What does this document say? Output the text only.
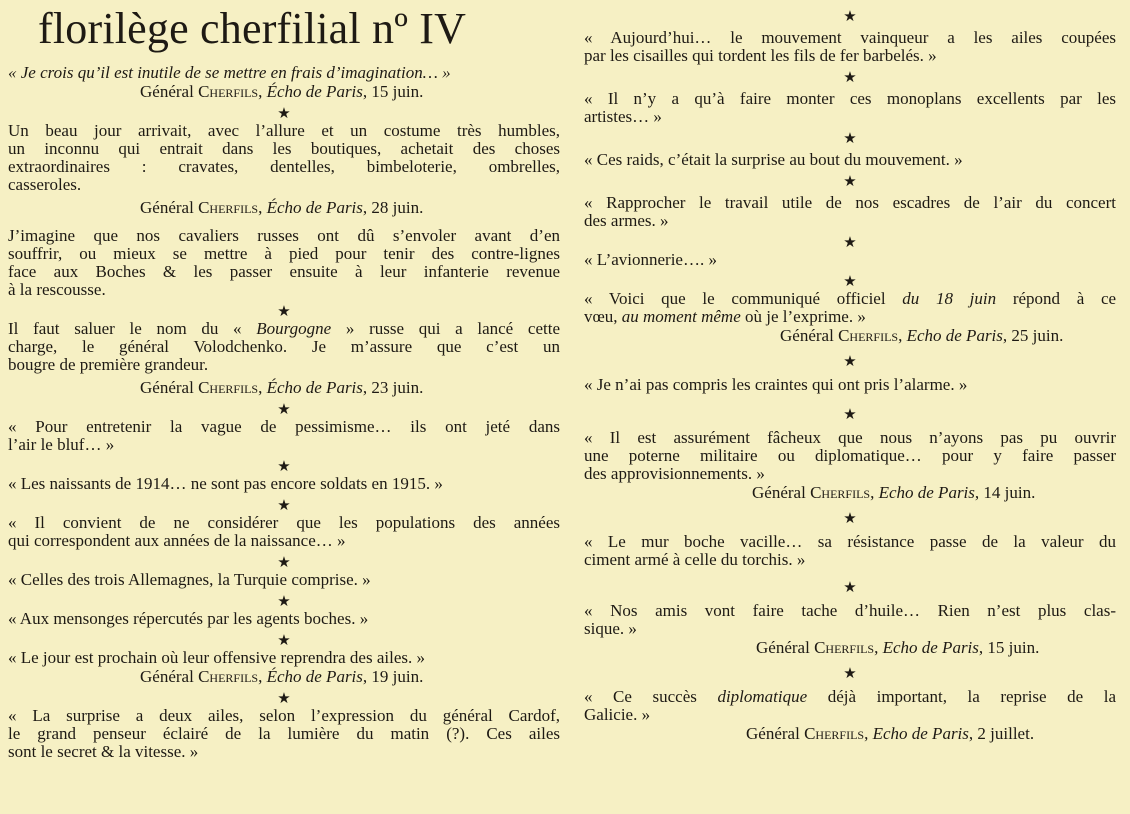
florilège cherfilial nº IV

« Je crois qu’il est inutile de se mettre en frais d’imagination… »

Général Cherfils, Écho de Paris, 15 juin.

★

Un beau jour arrivait, avec l’allure et un costume très humbles,

un inconnu qui entrait dans les boutiques, achetait des choses

extraordinaires : cravates, dentelles, bimbeloterie, ombrelles,

casseroles.

Général Cherfils, Écho de Paris, 28 juin.

J’imagine que nos cavaliers russes ont dû s’envoler avant d’en

souffrir, ou mieux se mettre à pied pour tenir des contre-lignes

face aux Boches & les passer ensuite à leur infanterie revenue

à la rescousse.

★

Il faut saluer le nom du « Bourgogne » russe qui a lancé cette

charge, le général Volodchenko. Je m’assure que c’est un

bougre de première grandeur.

Général Cherfils, Écho de Paris, 23 juin.

★

« Pour entretenir la vague de pessimisme… ils ont jeté dans

l’air le bluf… »

★

« Les naissants de 1914… ne sont pas encore soldats en 1915. »

★

« Il convient de ne considérer que les populations des années

qui correspondent aux années de la naissance… »

★

« Celles des trois Allemagnes, la Turquie comprise. »

★

« Aux mensonges répercutés par les agents boches. »

★

« Le jour est prochain où leur offensive reprendra des ailes. »

Général Cherfils, Écho de Paris, 19 juin.

★

« La surprise a deux ailes, selon l’expression du général Cardof,

le grand penseur éclairé de la lumière du matin (?). Ces ailes

sont le secret & la vitesse. »

★

« Aujourd’hui… le mouvement vainqueur a les ailes coupées

par les cisailles qui tordent les fils de fer barbelés. »

★

« Il n’y a qu’à faire monter ces monoplans excellents par les

artistes… »

★

« Ces raids, c’était la surprise au bout du mouvement. »

★

« Rapprocher le travail utile de nos escadres de l’air du concert

des armes. »

★

« L’avionnerie…. »

★

« Voici que le communiqué officiel du 18 juin répond à ce

vœu, au moment même où je l’exprime. »

Général Cherfils, Echo de Paris, 25 juin.

★

« Je n’ai pas compris les craintes qui ont pris l’alarme. »

★

« Il est assurément fâcheux que nous n’ayons pas pu ouvrir

une poterne militaire ou diplomatique… pour y faire passer

des approvisionnements. »

Général Cherfils, Echo de Paris, 14 juin.

★

« Le mur boche vacille… sa résistance passe de la valeur du

ciment armé à celle du torchis. »

★

« Nos amis vont faire tache d’huile… Rien n’est plus clas-

sique. »

Général Cherfils, Echo de Paris, 15 juin.

★

« Ce succès diplomatique déjà important, la reprise de la

Galicie. »

Général Cherfils, Echo de Paris, 2 juillet.
